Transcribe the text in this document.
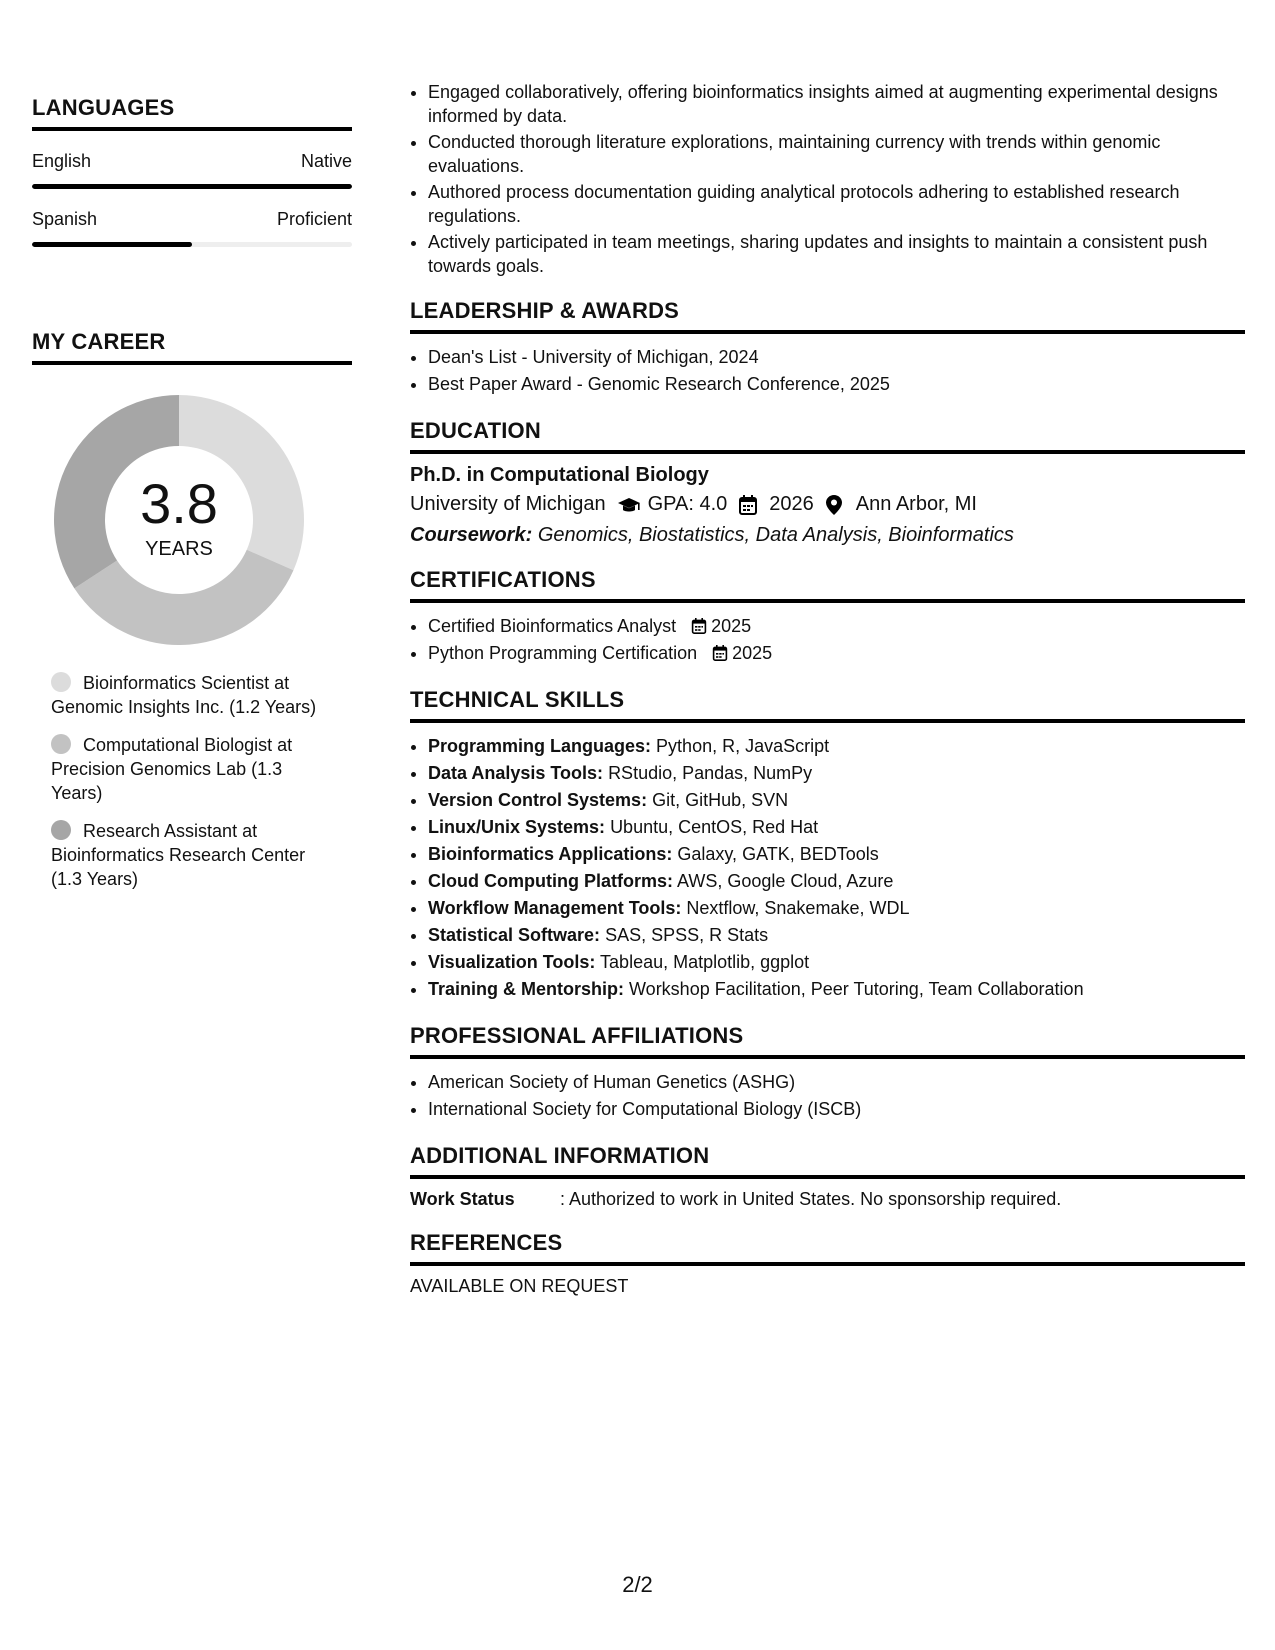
LANGUAGES
English	Native
Spanish	Proficient
MY CAREER
3.8
YEARS
Bioinformatics Scientist at Genomic Insights Inc. (1.2 Years)
Computational Biologist at Precision Genomics Lab (1.3 Years)
Research Assistant at Bioinformatics Research Center (1.3 Years)
• Engaged collaboratively, offering bioinformatics insights aimed at augmenting experimental designs informed by data.
• Conducted thorough literature explorations, maintaining currency with trends within genomic evaluations.
• Authored process documentation guiding analytical protocols adhering to established research regulations.
• Actively participated in team meetings, sharing updates and insights to maintain a consistent push towards goals.
LEADERSHIP & AWARDS
• Dean's List - University of Michigan, 2024
• Best Paper Award - Genomic Research Conference, 2025
EDUCATION
Ph.D. in Computational Biology
University of Michigan GPA: 4.0 2026 Ann Arbor, MI
Coursework: Genomics, Biostatistics, Data Analysis, Bioinformatics
CERTIFICATIONS
• Certified Bioinformatics Analyst 2025
• Python Programming Certification 2025
TECHNICAL SKILLS
• Programming Languages: Python, R, JavaScript
• Data Analysis Tools: RStudio, Pandas, NumPy
• Version Control Systems: Git, GitHub, SVN
• Linux/Unix Systems: Ubuntu, CentOS, Red Hat
• Bioinformatics Applications: Galaxy, GATK, BEDTools
• Cloud Computing Platforms: AWS, Google Cloud, Azure
• Workflow Management Tools: Nextflow, Snakemake, WDL
• Statistical Software: SAS, SPSS, R Stats
• Visualization Tools: Tableau, Matplotlib, ggplot
• Training & Mentorship: Workshop Facilitation, Peer Tutoring, Team Collaboration
PROFESSIONAL AFFILIATIONS
• American Society of Human Genetics (ASHG)
• International Society for Computational Biology (ISCB)
ADDITIONAL INFORMATION
Work Status	: Authorized to work in United States. No sponsorship required.
REFERENCES
AVAILABLE ON REQUEST
2/2
